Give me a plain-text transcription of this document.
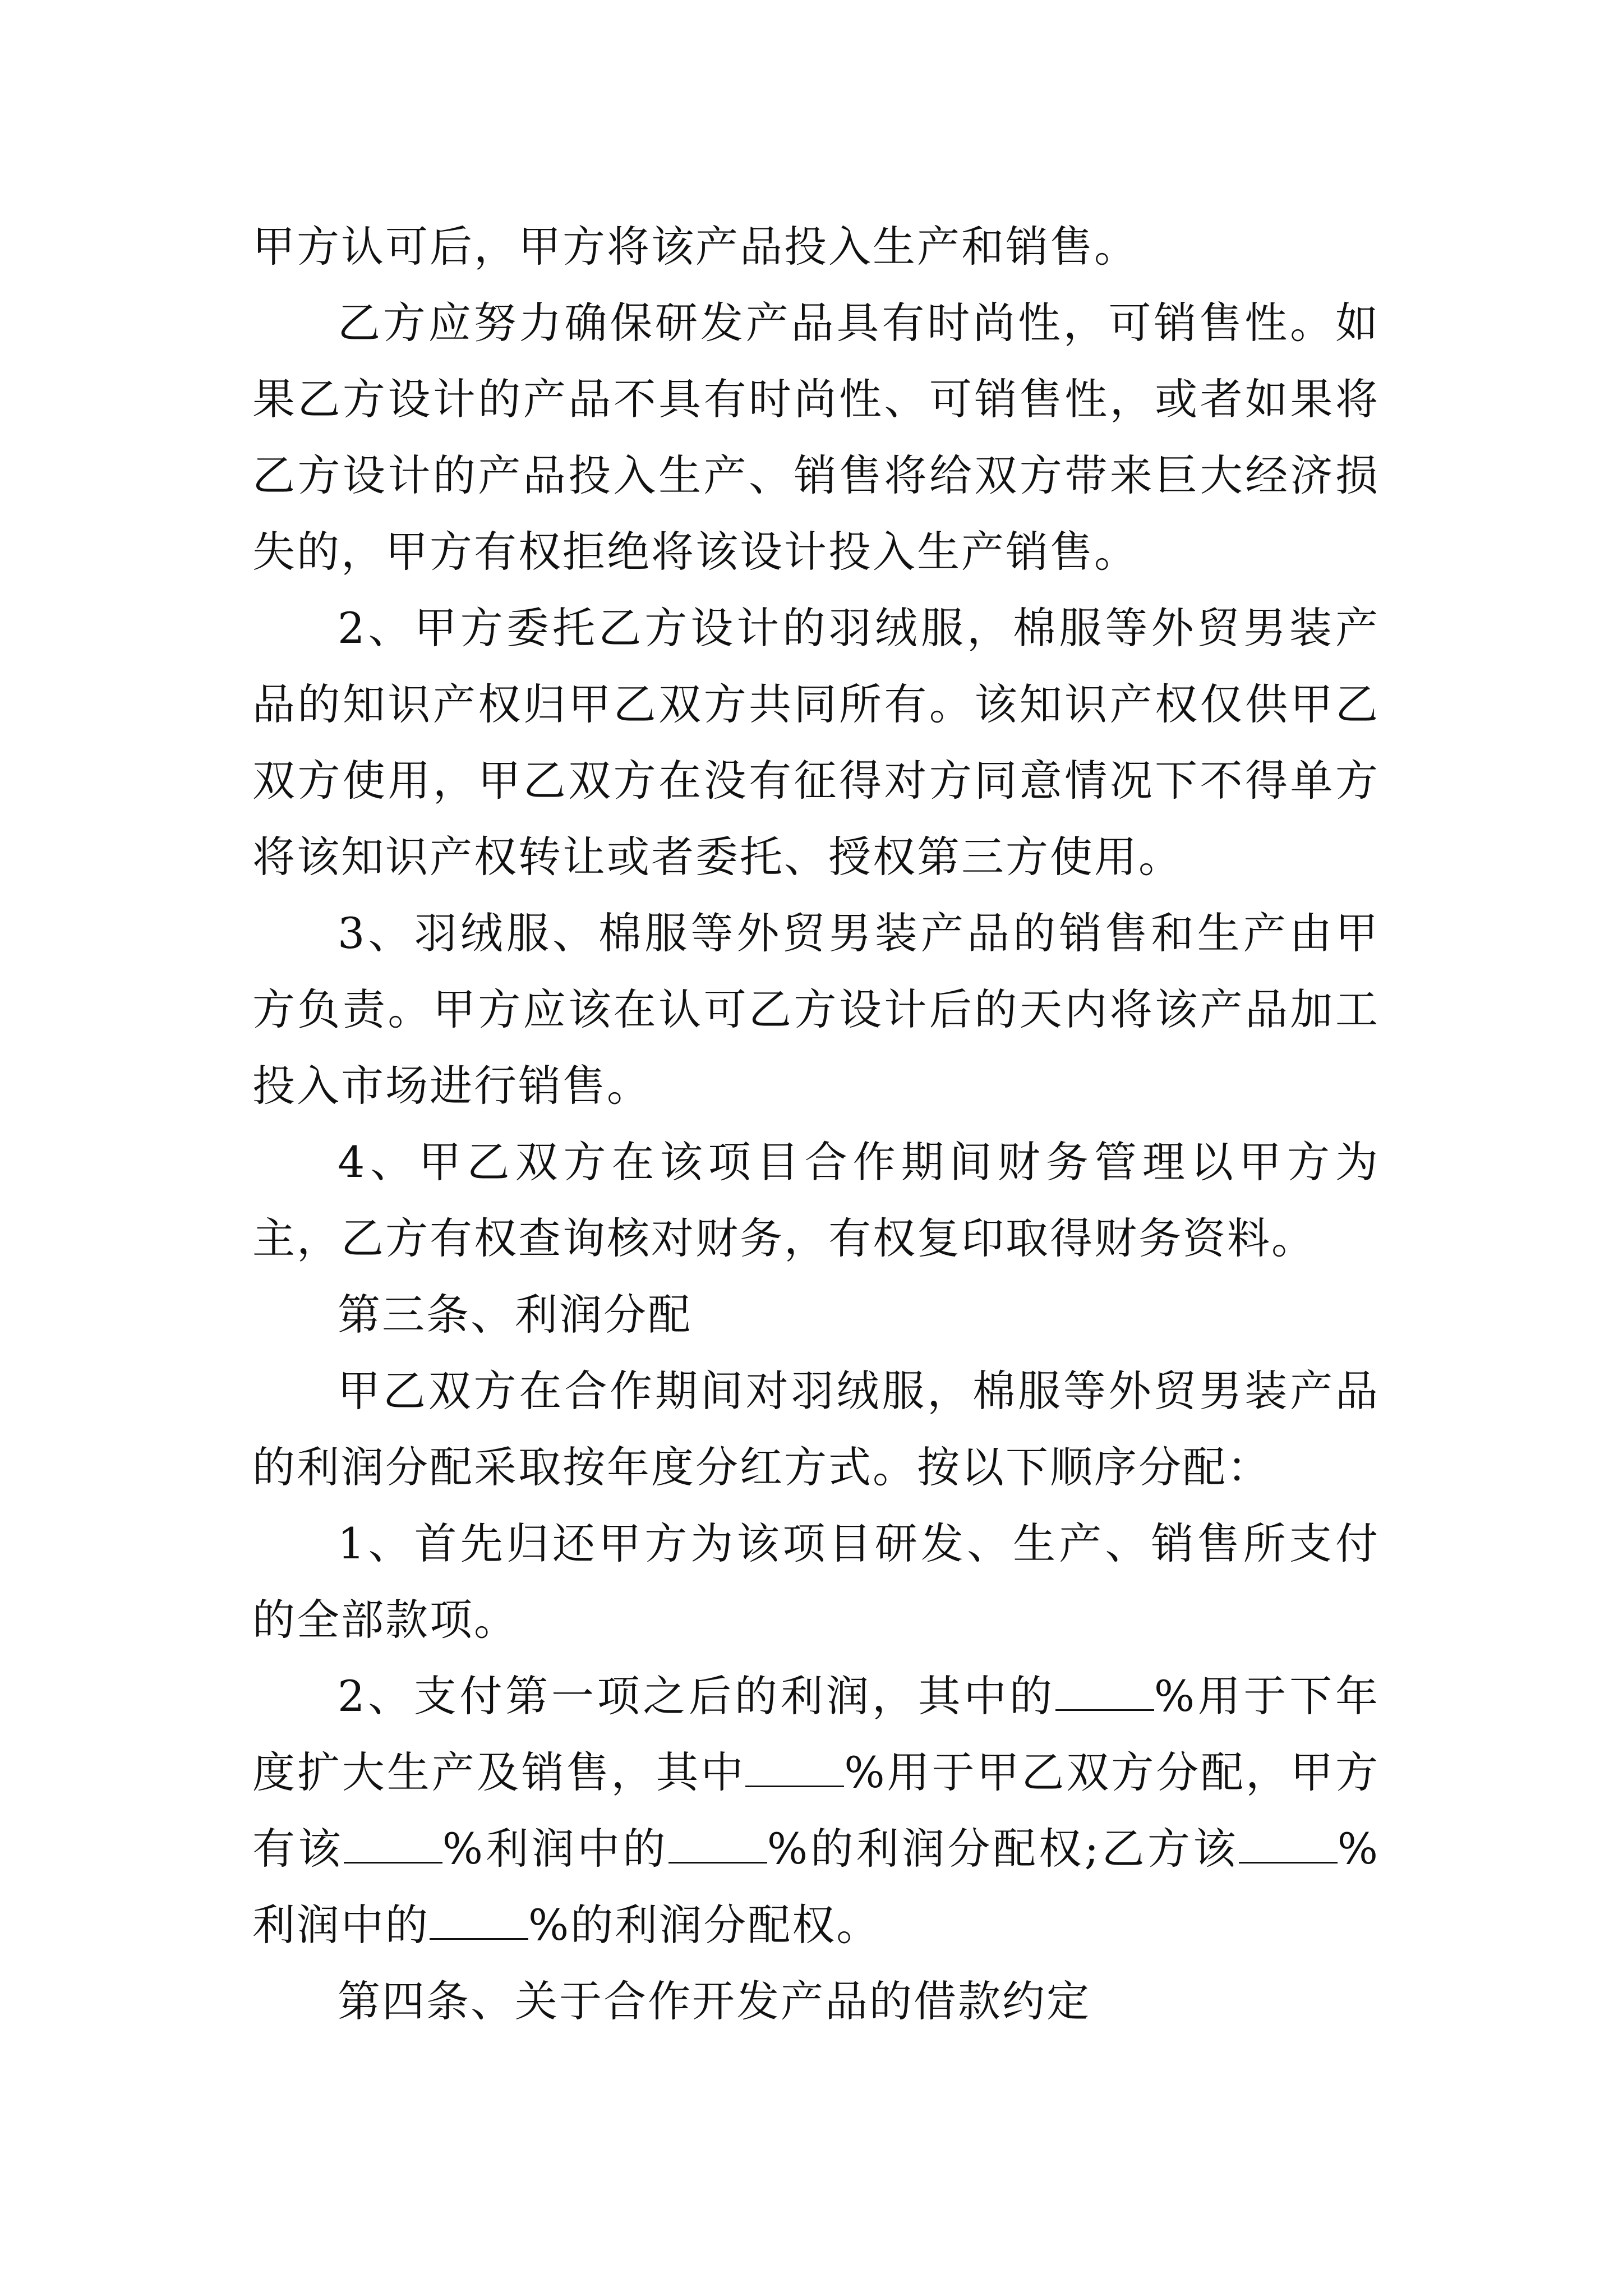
甲方认可后，甲方将该产品投入生产和销售。

乙方应努力确保研发产品具有时尚性，可销售性。如果乙方设计的产品不具有时尚性、可销售性，或者如果将乙方设计的产品投入生产、销售将给双方带来巨大经济损失的，甲方有权拒绝将该设计投入生产销售。

2、甲方委托乙方设计的羽绒服，棉服等外贸男装产品的知识产权归甲乙双方共同所有。该知识产权仅供甲乙双方使用，甲乙双方在没有征得对方同意情况下不得单方将该知识产权转让或者委托、授权第三方使用。

3、羽绒服、棉服等外贸男装产品的销售和生产由甲方负责。甲方应该在认可乙方设计后的天内将该产品加工投入市场进行销售。

4、甲乙双方在该项目合作期间财务管理以甲方为主，乙方有权查询核对财务，有权复印取得财务资料。

第三条、利润分配

甲乙双方在合作期间对羽绒服，棉服等外贸男装产品的利润分配采取按年度分红方式。按以下顺序分配：

1、首先归还甲方为该项目研发、生产、销售所支付的全部款项。

2、支付第一项之后的利润，其中的 %用于下年度扩大生产及销售，其中 %用于甲乙双方分配，甲方有该 %利润中的 %的利润分配权;乙方该 %利润中的 %的利润分配权。

第四条、关于合作开发产品的借款约定
